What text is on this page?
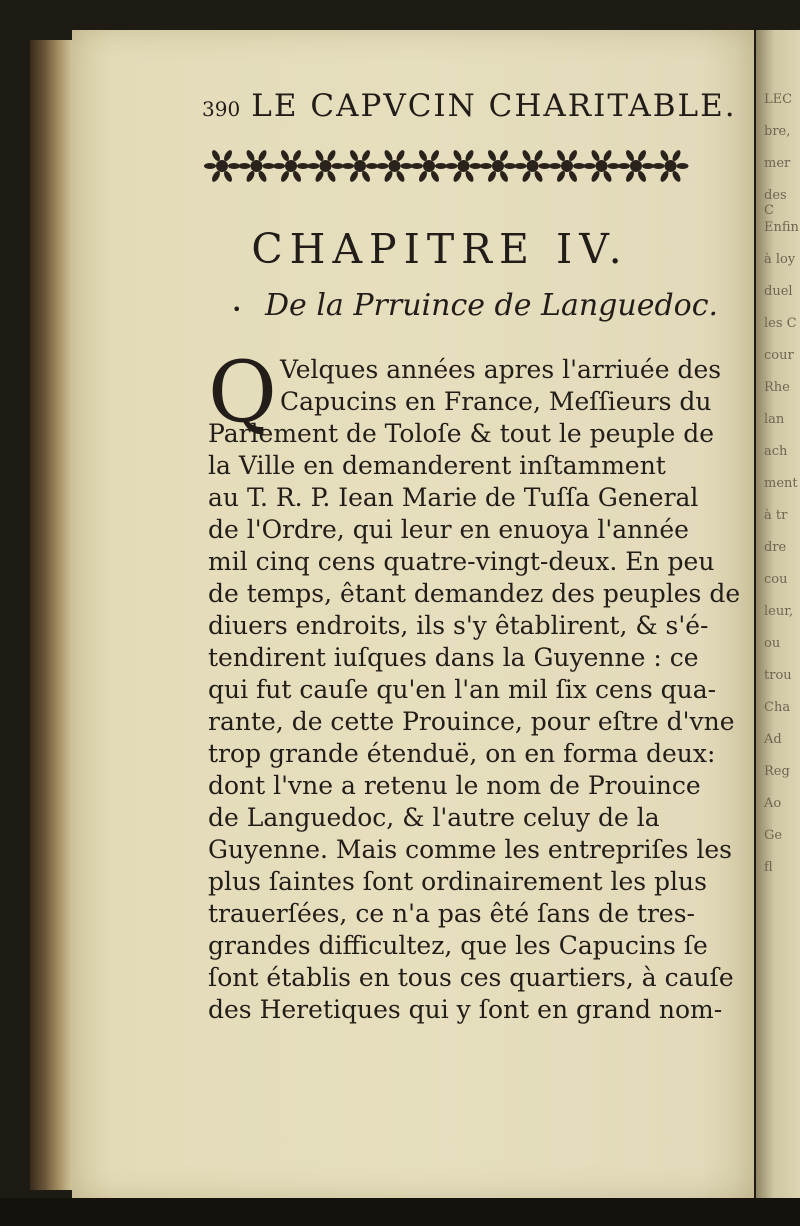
LEC
bre,
mer
des C
Enfin
à loy
duel
les C
cour
Rhe
lan
ach
ment
à tr
dre
cou
leur,
ou
trou
Cha
Ad
Reg
Ao
Ge
fl
390 LE CAPVCIN CHARITABLE.
CHAPITRE IV.
• De la Prruince de Languedoc.
Q Velques années apres l'arriuée des
Capucins en France, Meſſieurs du
Parlement de Toloſe & tout le peuple de
la Ville en demanderent inſtamment
au T. R. P. Iean Marie de Tuſſa General
de l'Ordre, qui leur en enuoya l'année
mil cinq cens quatre-vingt-deux. En peu
de temps, êtant demandez des peuples de
diuers endroits, ils s'y êtablirent, & s'é-
tendirent iuſques dans la Guyenne : ce
qui fut cauſe qu'en l'an mil ſix cens qua-
rante, de cette Prouince, pour eſtre d'vne
trop grande étenduë, on en forma deux:
dont l'vne a retenu le nom de Prouince
de Languedoc, & l'autre celuy de la
Guyenne. Mais comme les entrepriſes les
plus ſaintes ſont ordinairement les plus
trauerſées, ce n'a pas êté ſans de tres-
grandes difficultez, que les Capucins ſe
ſont établis en tous ces quartiers, à cauſe
des Heretiques qui y ſont en grand nom-
